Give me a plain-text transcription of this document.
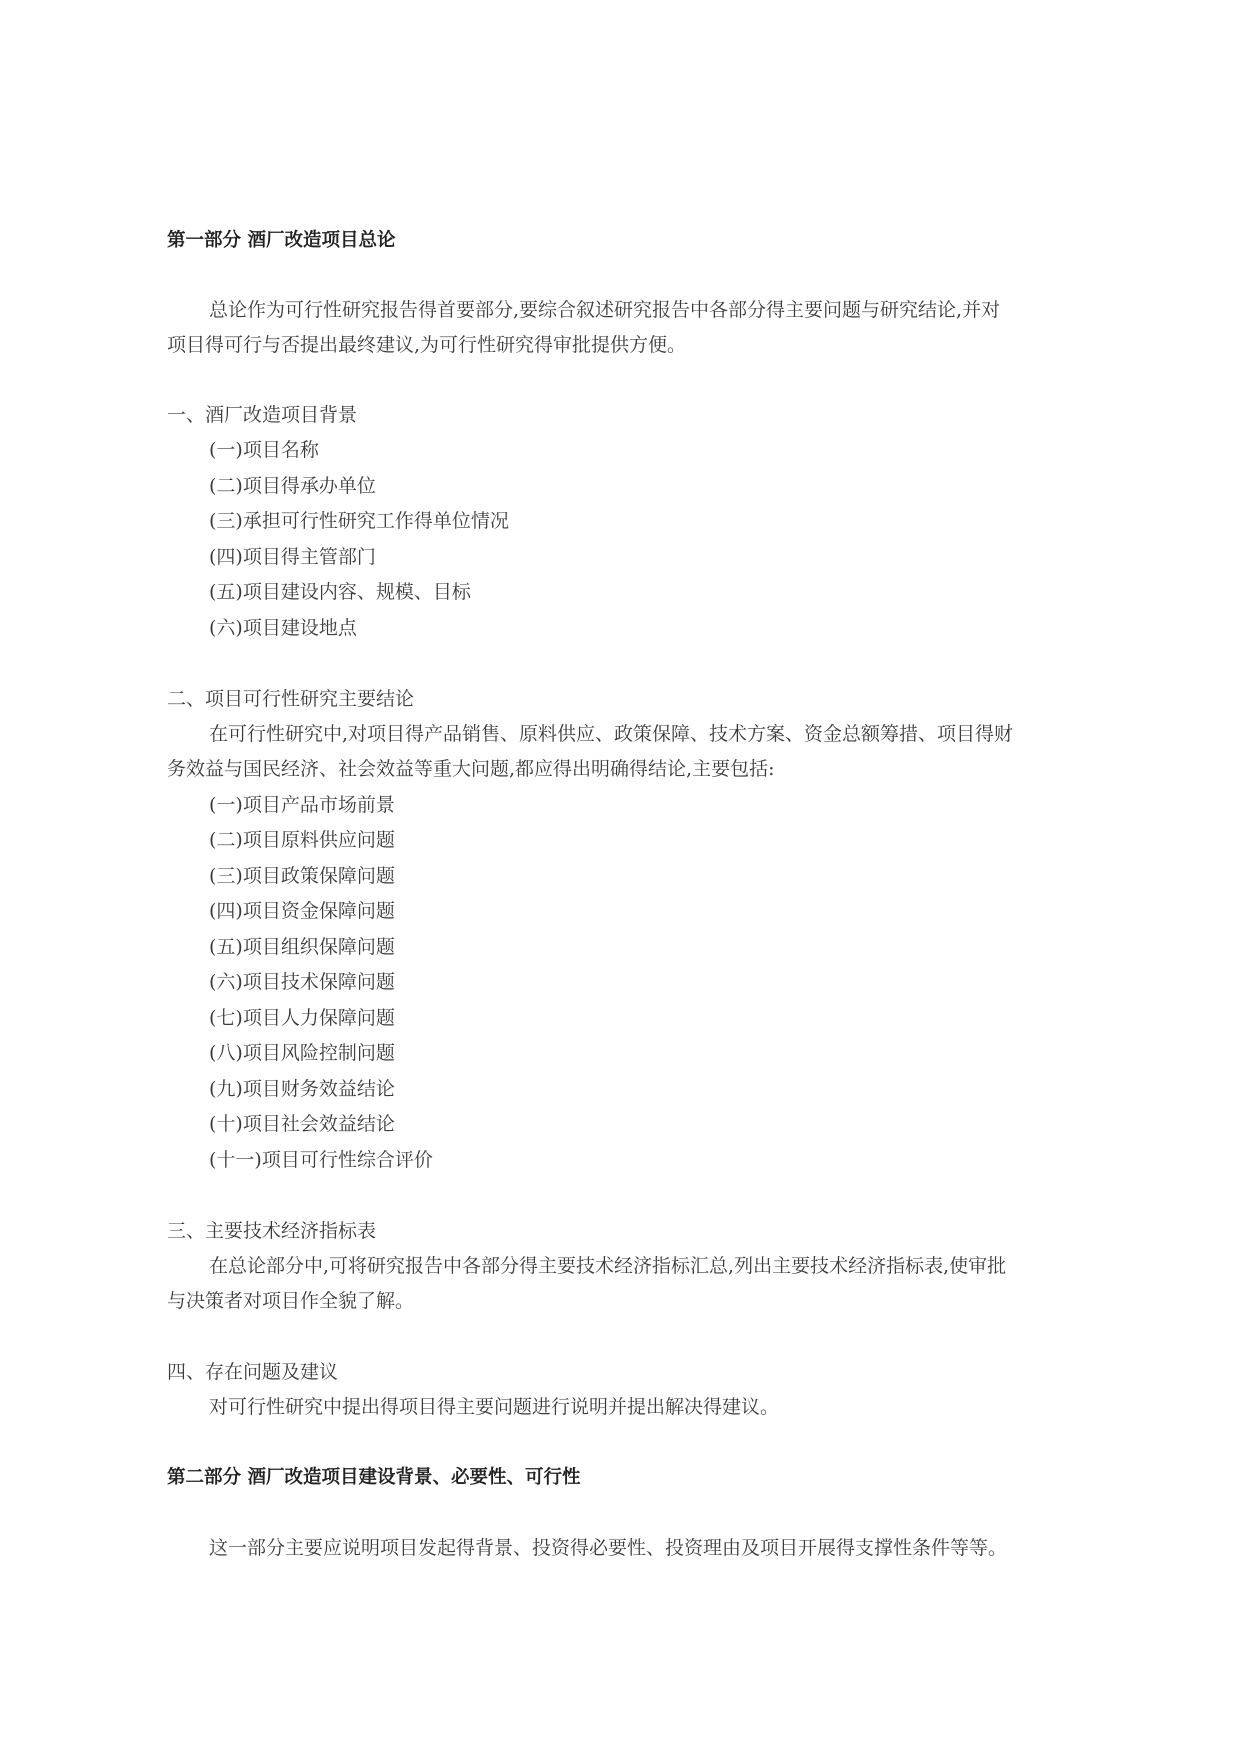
第一部分 酒厂改造项目总论
总论作为可行性研究报告得首要部分,要综合叙述研究报告中各部分得主要问题与研究结论,并对
项目得可行与否提出最终建议,为可行性研究得审批提供方便。
一、酒厂改造项目背景
(一)项目名称
(二)项目得承办单位
(三)承担可行性研究工作得单位情况
(四)项目得主管部门
(五)项目建设内容、规模、目标
(六)项目建设地点
二、项目可行性研究主要结论
在可行性研究中,对项目得产品销售、原料供应、政策保障、技术方案、资金总额筹措、项目得财
务效益与国民经济、社会效益等重大问题,都应得出明确得结论,主要包括:
(一)项目产品市场前景
(二)项目原料供应问题
(三)项目政策保障问题
(四)项目资金保障问题
(五)项目组织保障问题
(六)项目技术保障问题
(七)项目人力保障问题
(八)项目风险控制问题
(九)项目财务效益结论
(十)项目社会效益结论
(十一)项目可行性综合评价
三、主要技术经济指标表
在总论部分中,可将研究报告中各部分得主要技术经济指标汇总,列出主要技术经济指标表,使审批
与决策者对项目作全貌了解。
四、存在问题及建议
对可行性研究中提出得项目得主要问题进行说明并提出解决得建议。
第二部分 酒厂改造项目建设背景、必要性、可行性
这一部分主要应说明项目发起得背景、投资得必要性、投资理由及项目开展得支撑性条件等等。
